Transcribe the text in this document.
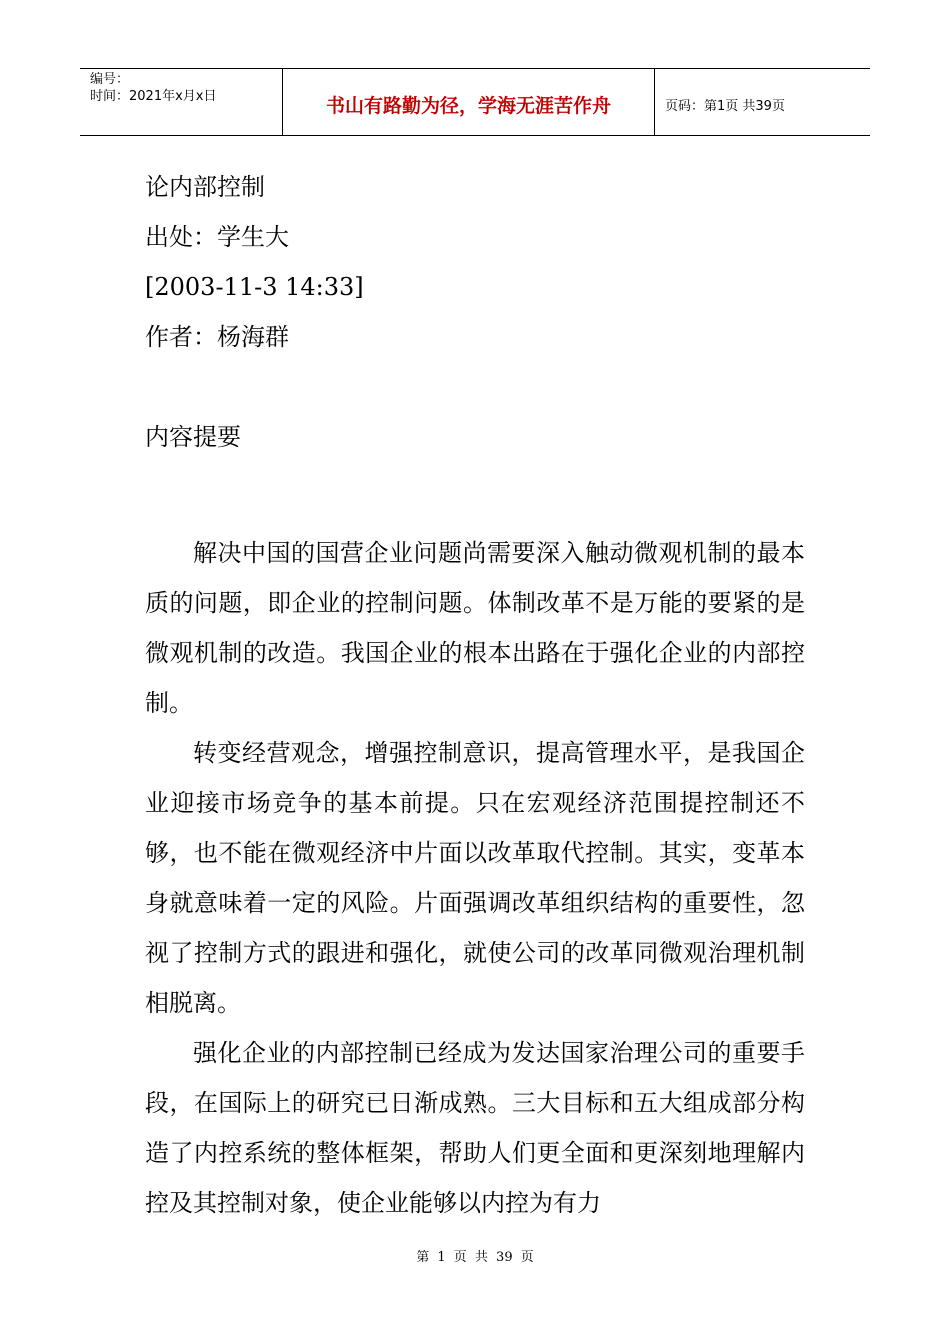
编号：
时间：2021年x月x日	书山有路勤为径，学海无涯苦作舟	页码：第1页 共39页

论内部控制

出处：学生大

[2003-11-3 14:33]

作者：杨海群

内容提要

解决中国的国营企业问题尚需要深入触动微观机制的最本质的问题，即企业的控制问题。体制改革不是万能的要紧的是微观机制的改造。我国企业的根本出路在于强化企业的内部控制。

转变经营观念，增强控制意识，提高管理水平，是我国企业迎接市场竞争的基本前提。只在宏观经济范围提控制还不够，也不能在微观经济中片面以改革取代控制。其实，变革本身就意味着一定的风险。片面强调改革组织结构的重要性，忽视了控制方式的跟进和强化，就使公司的改革同微观治理机制相脱离。

强化企业的内部控制已经成为发达国家治理公司的重要手段，在国际上的研究已日渐成熟。三大目标和五大组成部分构造了内控系统的整体框架，帮助人们更全面和更深刻地理解内控及其控制对象，使企业能够以内控为有力

第 1 页 共 39 页
